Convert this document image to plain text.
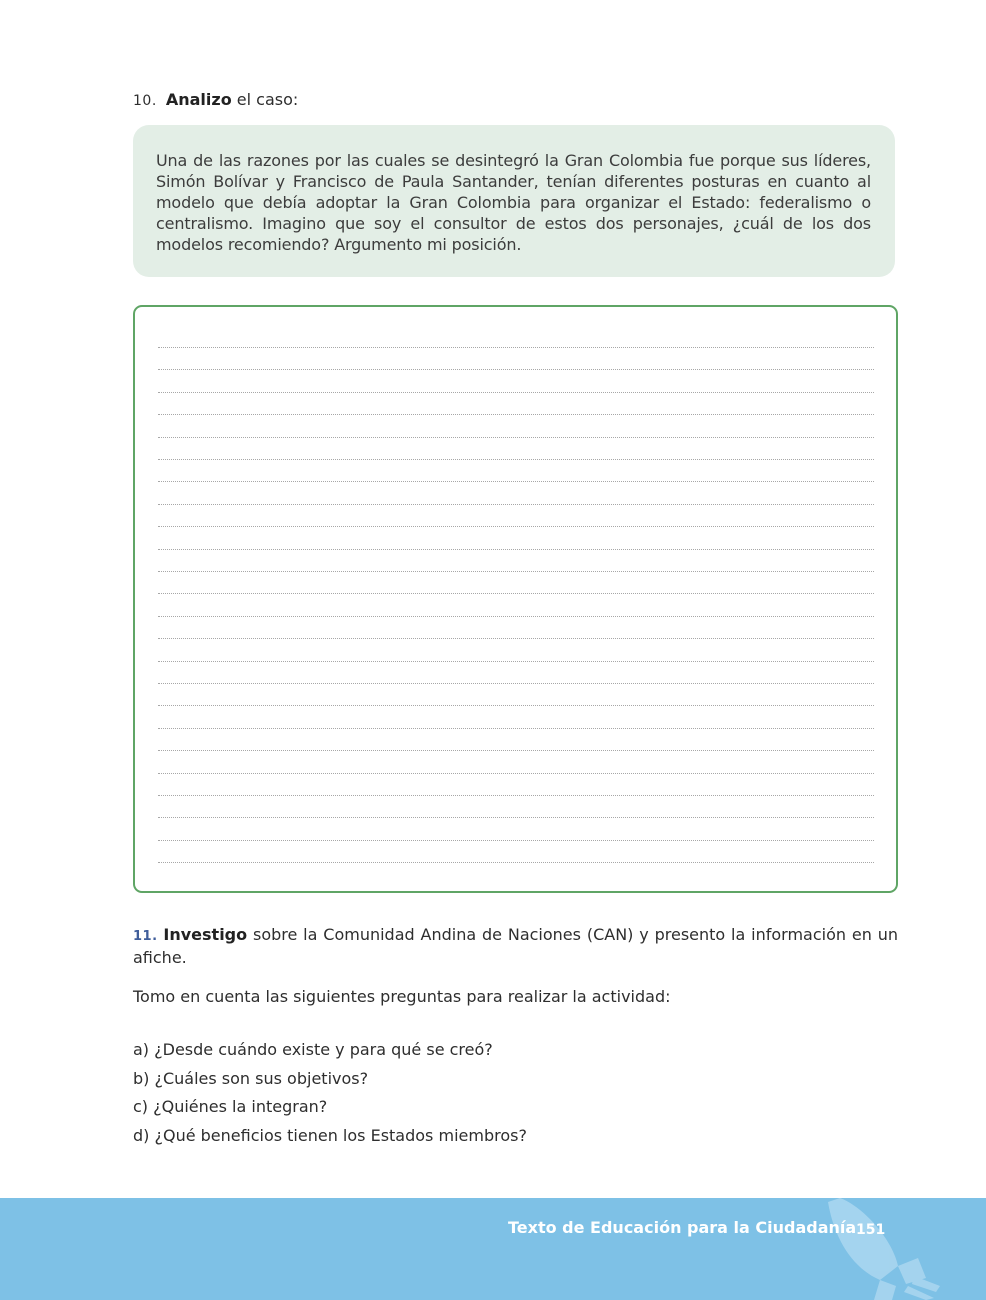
10. Analizo el caso:

Una de las razones por las cuales se desintegró la Gran Colombia fue porque sus líderes, Simón Bolívar y Francisco de Paula Santander, tenían diferentes posturas en cuanto al modelo que debía adoptar la Gran Colombia para organizar el Estado: federalismo o centralismo. Imagino que soy el consultor de estos dos personajes, ¿cuál de los dos modelos recomiendo? Argumento mi posición.

11. Investigo sobre la Comunidad Andina de Naciones (CAN) y presento la información en un afiche.
Tomo en cuenta las siguientes preguntas para realizar la actividad:
a) ¿Desde cuándo existe y para qué se creó?
b) ¿Cuáles son sus objetivos?
c) ¿Quiénes la integran?
d) ¿Qué beneficios tienen los Estados miembros?
Texto de Educación para la Ciudadanía 151
